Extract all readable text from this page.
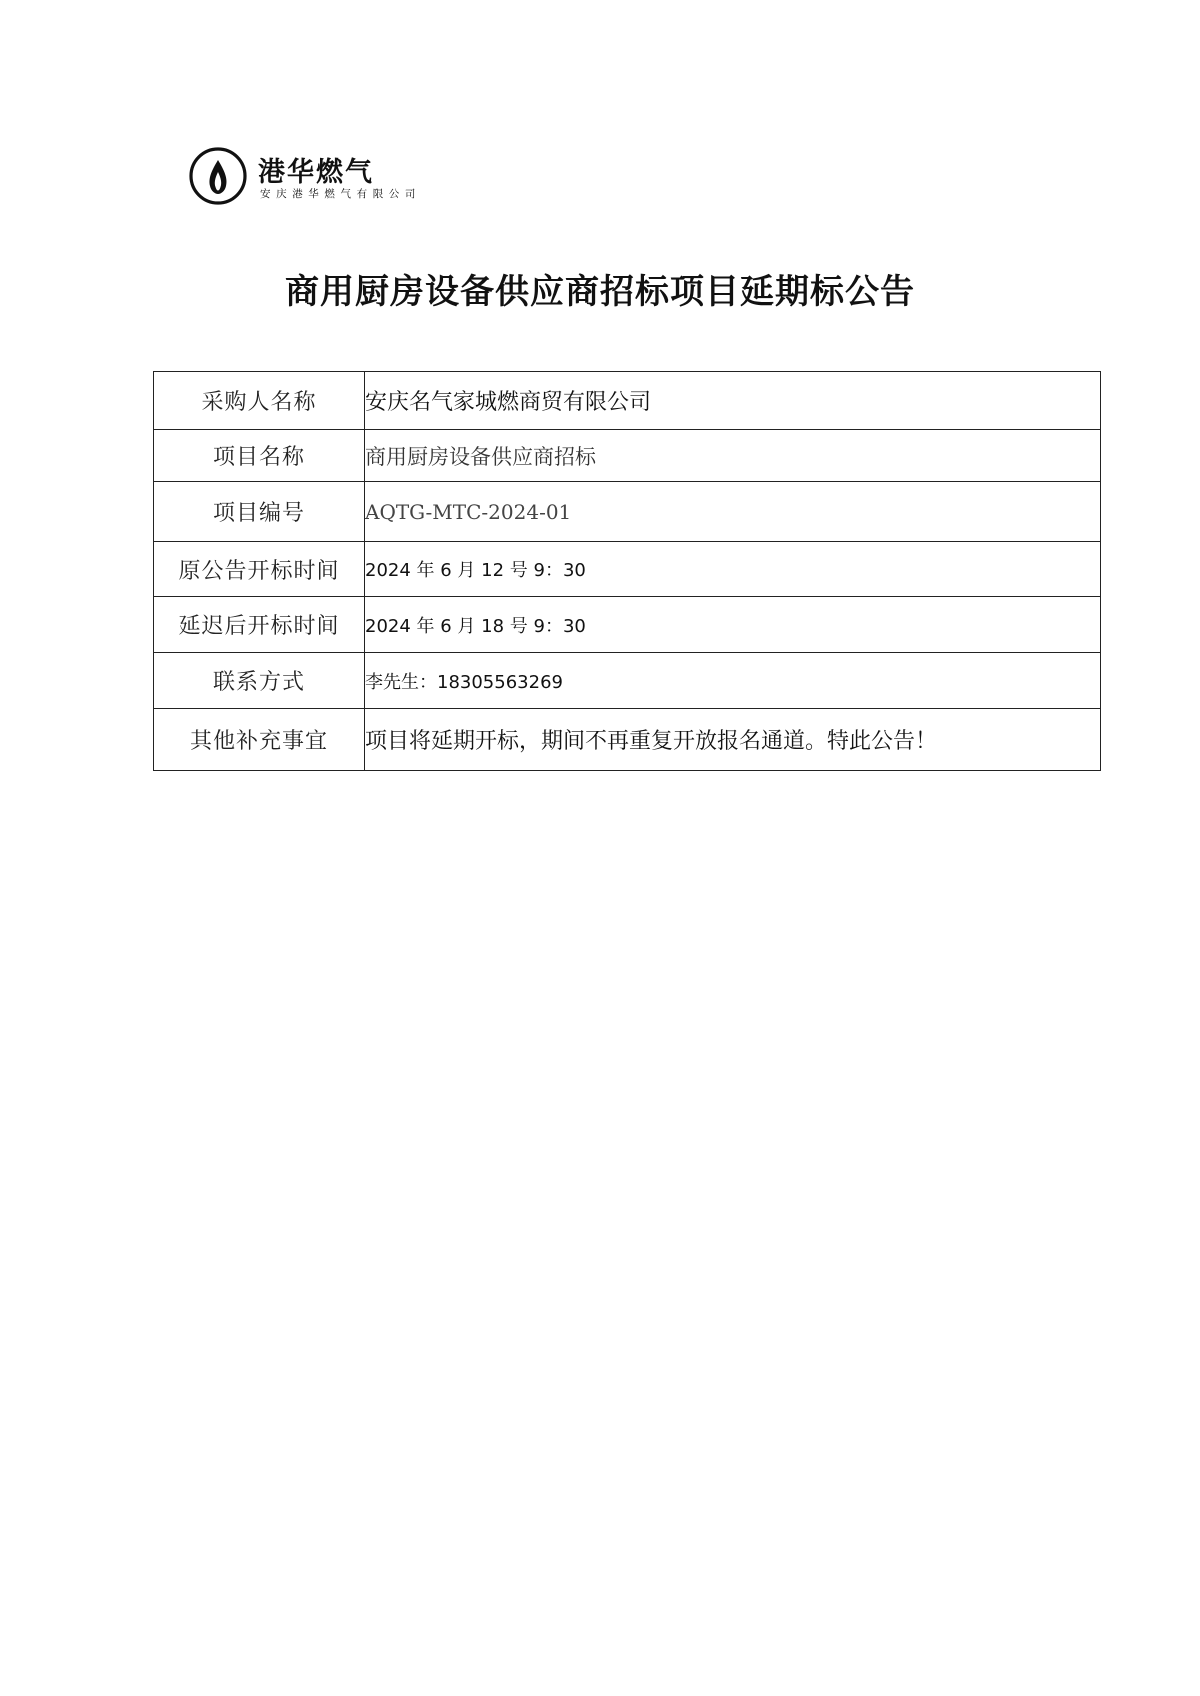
港华燃气
安庆港华燃气有限公司
商用厨房设备供应商招标项目延期标公告
采购人名称	安庆名气家城燃商贸有限公司
项目名称	商用厨房设备供应商招标
项目编号	AQTG-MTC-2024-01
原公告开标时间	2024 年 6 月 12 号 9：30
延迟后开标时间	2024 年 6 月 18 号 9：30
联系方式	李先生：18305563269
其他补充事宜	项目将延期开标，期间不再重复开放报名通道。特此公告！
